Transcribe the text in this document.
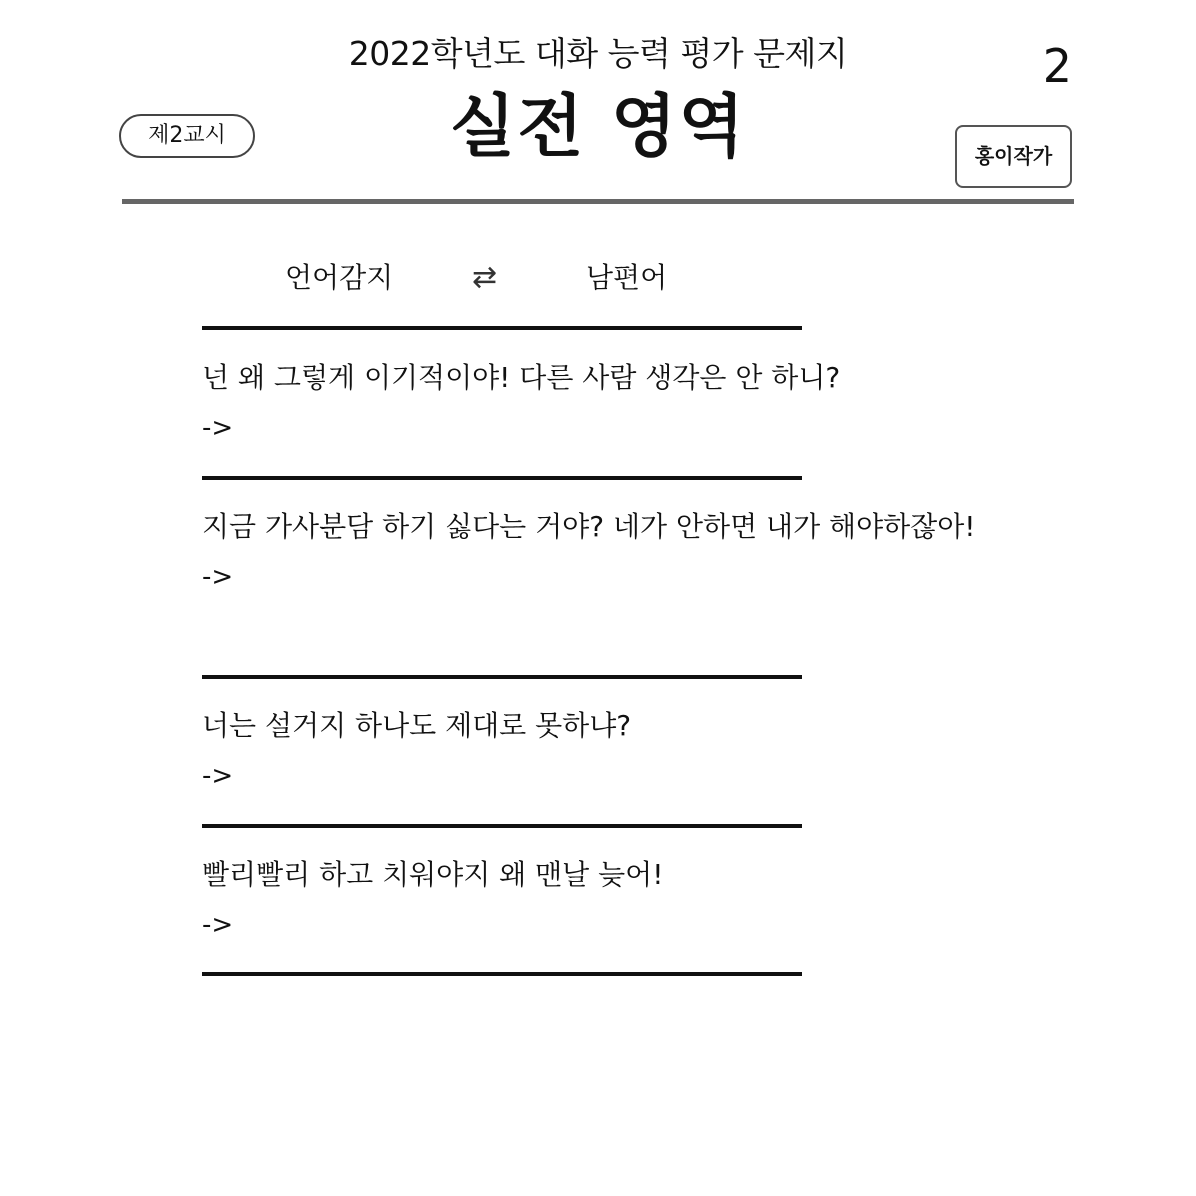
2022학년도 대화 능력 평가 문제지	2
실전 영역
제2교시
홍이작가
언어감지	⇄	남편어
넌 왜 그렇게 이기적이야! 다른 사람 생각은 안 하니?
->
지금 가사분담 하기 싫다는 거야? 네가 안하면 내가 해야하잖아!
->
너는 설거지 하나도 제대로 못하냐?
->
빨리빨리 하고 치워야지 왜 맨날 늦어!
->
